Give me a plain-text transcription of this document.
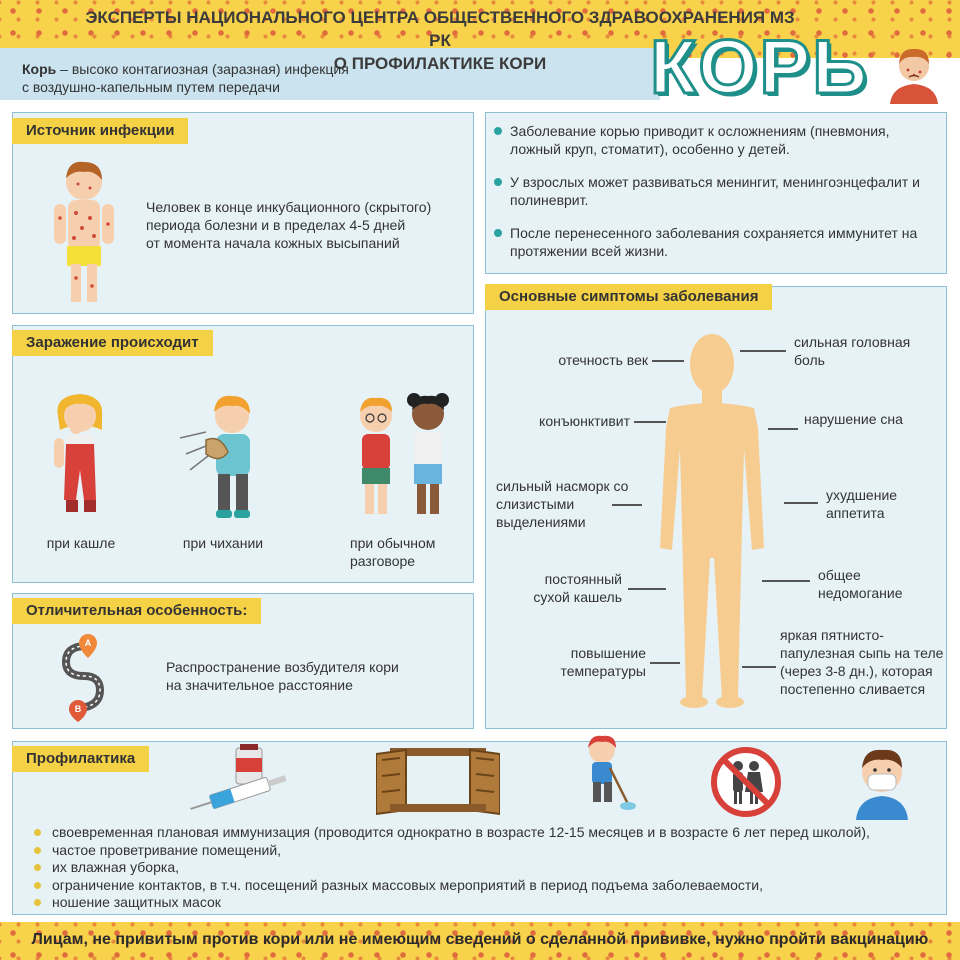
ЭКСПЕРТЫ НАЦИОНАЛЬНОГО ЦЕНТРА ОБЩЕСТВЕННОГО ЗДРАВООХРАНЕНИЯ МЗ РК
О ПРОФИЛАКТИКЕ КОРИ
Корь – высоко контагиозная (заразная) инфекция
с воздушно-капельным путем передачи	КОРЬ
Источник инфекции
Человек в конце инкубационного (скрытого)
периода болезни и в пределах 4-5 дней
от момента начала кожных высыпаний
Заболевание корью приводит к осложнениям (пневмония, ложный круп, стоматит), особенно у детей.
У взрослых может развиваться менингит, менингоэнцефалит и полиневрит.
После перенесенного заболевания сохраняется иммунитет на протяжении всей жизни.
Заражение происходит
при кашле	при чихании	при обычном разговоре
Отличительная особенность:
A
B
Распространение возбудителя кори
на значительное расстояние
Основные симптомы заболевания
отечность век
конъюнктивит
сильный насморк со слизистыми выделениями
постоянный сухой кашель
повышение температуры
сильная головная боль
нарушение сна
ухудшение аппетита
общее недомогание
яркая пятнисто-папулезная сыпь на теле (через 3-8 дн.), которая постепенно сливается
Профилактика
своевременная плановая иммунизация (проводится однократно в возрасте 12-15 месяцев и в возрасте 6 лет перед школой),
частое проветривание помещений,
их влажная уборка,
ограничение контактов, в т.ч. посещений разных массовых мероприятий в период подъема заболеваемости,
ношение защитных масок
Лицам, не привитым против кори или не имеющим сведений о сделанной прививке, нужно пройти вакцинацию
